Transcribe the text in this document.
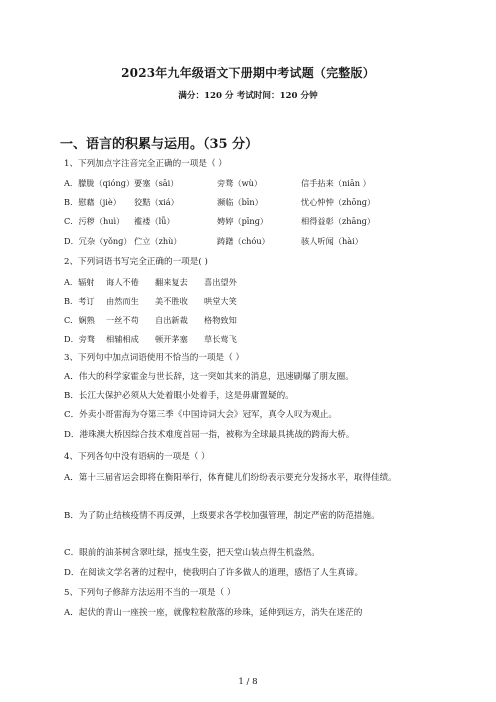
2023年九年级语文下册期中考试题（完整版）
满分：120 分 考试时间：120 分钟
一、语言的积累与运用。（35 分）
1、下列加点字注音完全正确的一项是（ ）
A．朦胧（qiónɡ） 要塞（sāi）	旁骛（wù）	信手拈来（niān ）
B．慰藉（jiè） 狡黠（xiá）	濒临（bīn）	忧心忡忡（zhōnɡ）
C．污秽（huì） 褴褛（lǚ）	娉婷（pīnɡ）	相得益彰（zhānɡ）
D．冗杂（yǒnɡ） 伫立（zhù）	踌躇（chóu）	骇人听闻（hài）
2、下列词语书写完全正确的一项是( )
A．辐射 诲人不倦 翻来复去 喜出望外
B．考订 由然而生 美不胜收 哄堂大笑
C．娴熟 一丝不苟 自出新裁 格物致知
D．旁骛 相辅相成 顿开茅塞 草长莺飞
3、下列句中加点词语使用不恰当的一项是（ ）
A．伟大的科学家霍金与世长辞，这一突如其来的消息，迅速刷爆了朋友圈。
B．长江大保护必须从大处着眼小处着手，这是毋庸置疑的。
C．外卖小哥雷海为夺第三季《中国诗词大会》冠军，真令人叹为观止。
D．港珠澳大桥因综合技术难度首屈一指，被称为全球最具挑战的跨海大桥。
4、下列各句中没有语病的一项是（ ）
A．第十三届省运会即将在衡阳举行，体育健儿们纷纷表示要充分发扬水平，取得佳绩。
B．为了防止结核疫情不再反弹，上级要求各学校加强管理，制定严密的防范措施。
C．眼前的油茶树含翠吐绿，摇曳生姿，把天堂山装点得生机盎然。
D．在阅读文学名著的过程中，使我明白了许多做人的道理，感悟了人生真谛。
5、下列句子修辞方法运用不当的一项是（ ）
A．起伏的青山一座挨一座，就像粒粒散落的珍珠，延伸到远方，消失在迷茫的
1 / 8
